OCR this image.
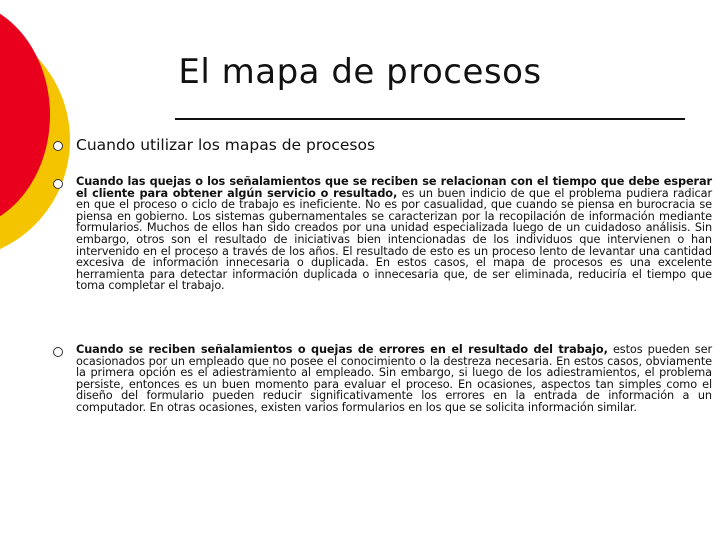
El mapa de procesos
Cuando utilizar los mapas de procesos
Cuando las quejas o los señalamientos que se reciben se relacionan con el tiempo que debe esperar el cliente para obtener algún servicio o resultado, es un buen indicio de que el problema pudiera radicar en que el proceso o ciclo de trabajo es ineficiente. No es por casualidad, que cuando se piensa en burocracia se piensa en gobierno. Los sistemas gubernamentales se caracterizan por la recopilación de información mediante formularios. Muchos de ellos han sido creados por una unidad especializada luego de un cuidadoso análisis. Sin embargo, otros son el resultado de iniciativas bien intencionadas de los individuos que intervienen o han intervenido en el proceso a través de los años. El resultado de esto es un proceso lento de levantar una cantidad excesiva de información innecesaria o duplicada. En estos casos, el mapa de procesos es una excelente herramienta para detectar información duplicada o innecesaria que, de ser eliminada, reduciría el tiempo que toma completar el trabajo.
Cuando se reciben señalamientos o quejas de errores en el resultado del trabajo, estos pueden ser ocasionados por un empleado que no posee el conocimiento o la destreza necesaria. En estos casos, obviamente la primera opción es el adiestramiento al empleado. Sin embargo, si luego de los adiestramientos, el problema persiste, entonces es un buen momento para evaluar el proceso. En ocasiones, aspectos tan simples como el diseño del formulario pueden reducir significativamente los errores en la entrada de información a un computador. En otras ocasiones, existen varios formularios en los que se solicita información similar.
